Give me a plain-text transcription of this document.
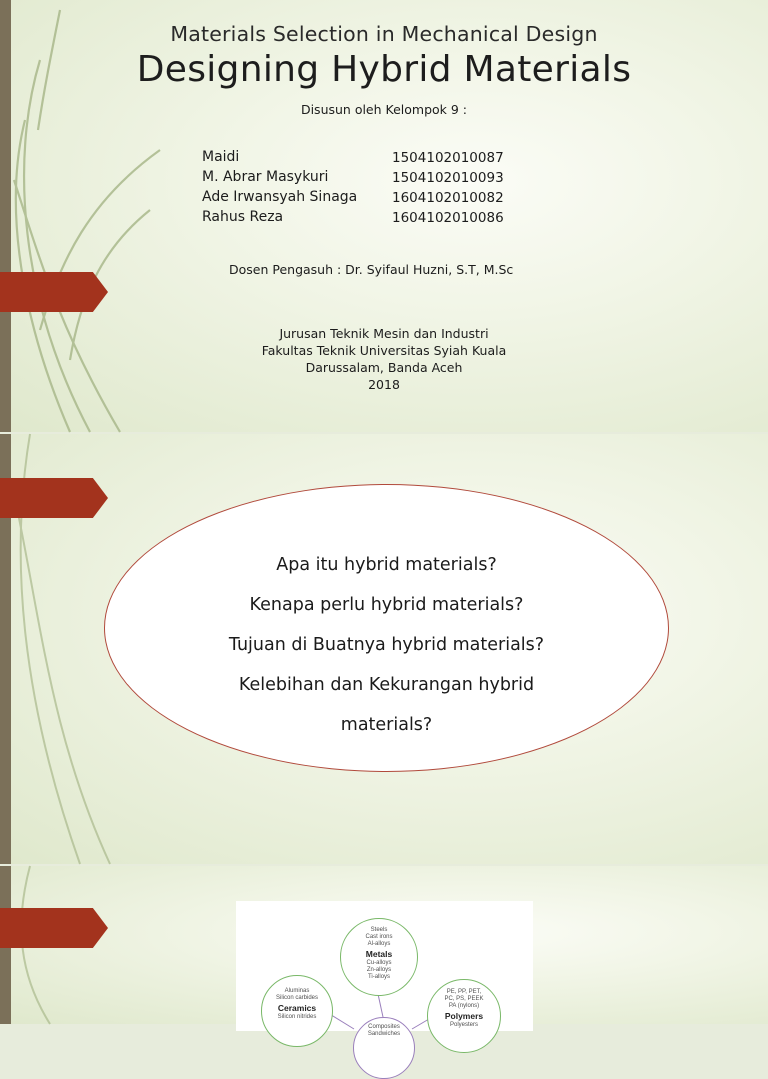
Materials Selection in Mechanical Design
Designing Hybrid Materials
Disusun oleh Kelompok 9 :
Maidi	1504102010087
M. Abrar Masykuri	1504102010093
Ade Irwansyah Sinaga	1604102010082
Rahus Reza	1604102010086
Dosen Pengasuh : Dr. Syifaul Huzni, S.T, M.Sc
Jurusan Teknik Mesin dan Industri
Fakultas Teknik Universitas Syiah Kuala
Darussalam, Banda Aceh
2018
Apa itu hybrid materials?
Kenapa perlu hybrid materials?
Tujuan di Buatnya hybrid materials?
Kelebihan dan Kekurangan hybrid
materials?
Steels
Cast irons
Al-alloys
Metals
Cu-alloys
Zn-alloys
Ti-alloys
Aluminas
Silicon carbides
Ceramics
Silicon nitrides
PE, PP, PET,
PC, PS, PEEK
PA (nylons)
Polymers
Polyesters
Composites
Sandwiches
